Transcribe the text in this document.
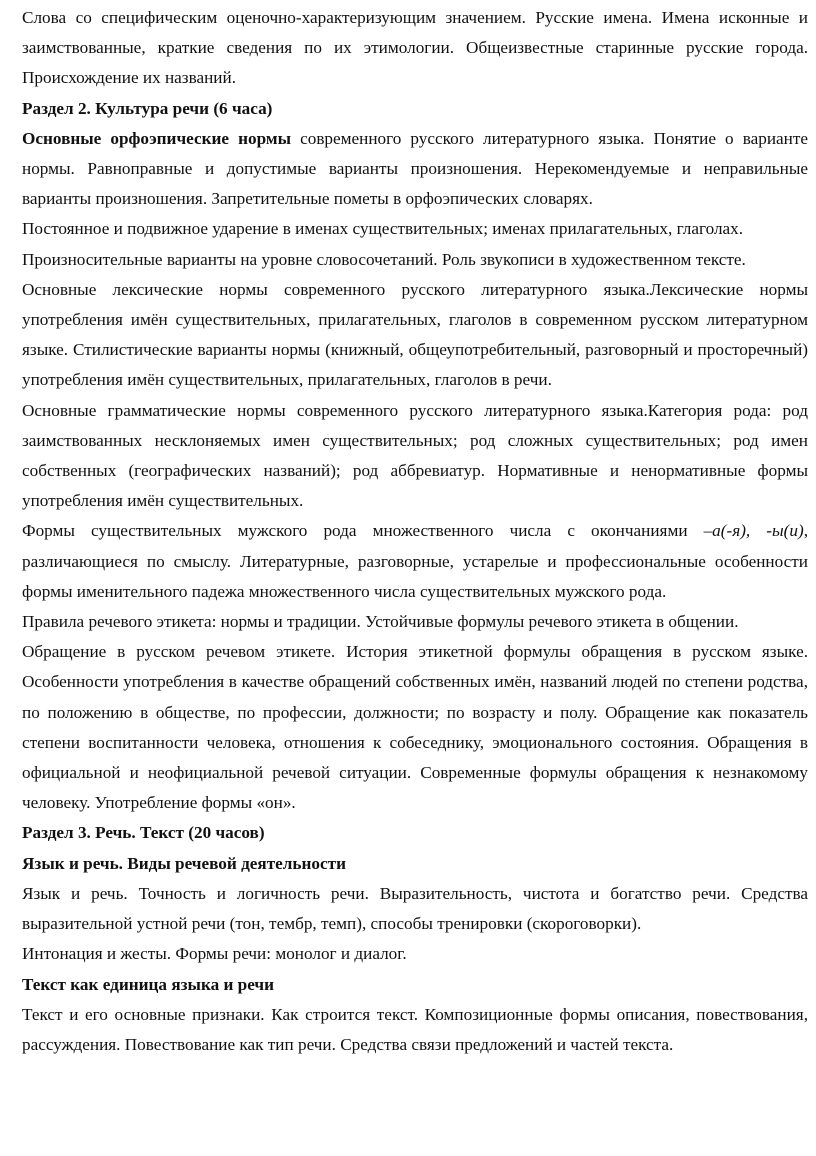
Слова со специфическим оценочно-характеризующим значением. Русские имена. Имена исконные и заимствованные, краткие сведения по их этимологии. Общеизвестные старинные русские города. Происхождение их названий.

Раздел 2. Культура речи (6 часа)

Основные орфоэпические нормы современного русского литературного языка. Понятие о варианте нормы. Равноправные и допустимые варианты произношения. Нерекомендуемые и неправильные варианты произношения. Запретительные пометы в орфоэпических словарях.

Постоянное и подвижное ударение в именах существительных; именах прилагательных, глаголах.

Произносительные варианты на уровне словосочетаний. Роль звукописи в художественном тексте.

Основные лексические нормы современного русского литературного языка.Лексические нормы употребления имён существительных, прилагательных, глаголов в современном русском литературном языке. Стилистические варианты нормы (книжный, общеупотребительный, разговорный и просторечный) употребления имён существительных, прилагательных, глаголов в речи.

Основные грамматические нормы современного русского литературного языка.Категория рода: род заимствованных несклоняемых имен существительных; род сложных существительных; род имен собственных (географических названий); род аббревиатур. Нормативные и ненормативные формы употребления имён существительных.

Формы существительных мужского рода множественного числа с окончаниями –а(-я), -ы(и), различающиеся по смыслу. Литературные, разговорные, устарелые и профессиональные особенности формы именительного падежа множественного числа существительных мужского рода.

Правила речевого этикета: нормы и традиции. Устойчивые формулы речевого этикета в общении.

Обращение в русском речевом этикете. История этикетной формулы обращения в русском языке. Особенности употребления в качестве обращений собственных имён, названий людей по степени родства, по положению в обществе, по профессии, должности; по возрасту и полу. Обращение как показатель степени воспитанности человека, отношения к собеседнику, эмоционального состояния. Обращения в официальной и неофициальной речевой ситуации. Современные формулы обращения к незнакомому человеку. Употребление формы «он».

Раздел 3. Речь. Текст (20 часов)

Язык и речь. Виды речевой деятельности

Язык и речь. Точность и логичность речи. Выразительность, чистота и богатство речи. Средства выразительной устной речи (тон, тембр, темп), способы тренировки (скороговорки).

Интонация и жесты. Формы речи: монолог и диалог.

Текст как единица языка и речи

Текст и его основные признаки. Как строится текст. Композиционные формы описания, повествования, рассуждения. Повествование как тип речи. Средства связи предложений и частей текста.
